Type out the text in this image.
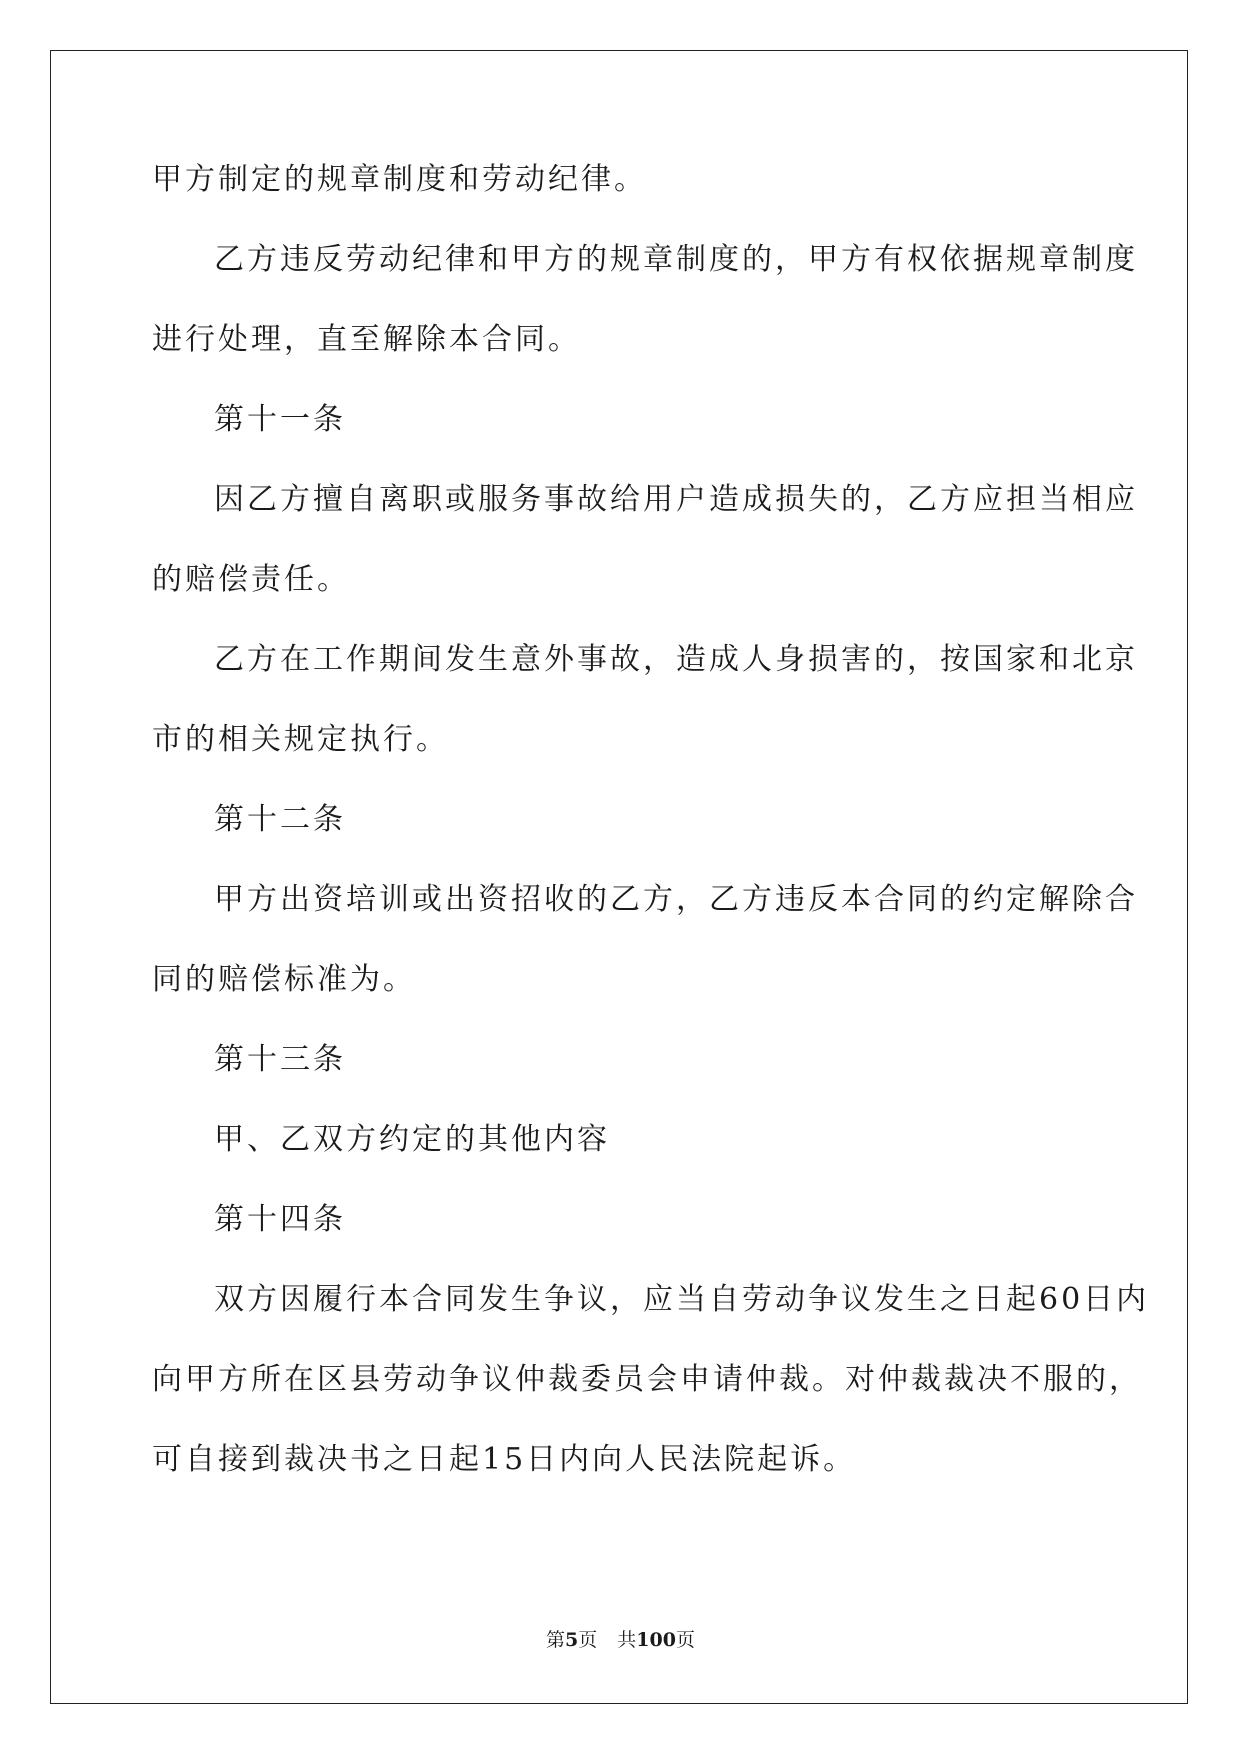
甲方制定的规章制度和劳动纪律。
乙方违反劳动纪律和甲方的规章制度的，甲方有权依据规章制度
进行处理，直至解除本合同。
第十一条
因乙方擅自离职或服务事故给用户造成损失的，乙方应担当相应
的赔偿责任。
乙方在工作期间发生意外事故，造成人身损害的，按国家和北京
市的相关规定执行。
第十二条
甲方出资培训或出资招收的乙方，乙方违反本合同的约定解除合
同的赔偿标准为。
第十三条
甲、乙双方约定的其他内容
第十四条
双方因履行本合同发生争议，应当自劳动争议发生之日起60日内
向甲方所在区县劳动争议仲裁委员会申请仲裁。对仲裁裁决不服的，
可自接到裁决书之日起15日内向人民法院起诉。
第5页 共100页
